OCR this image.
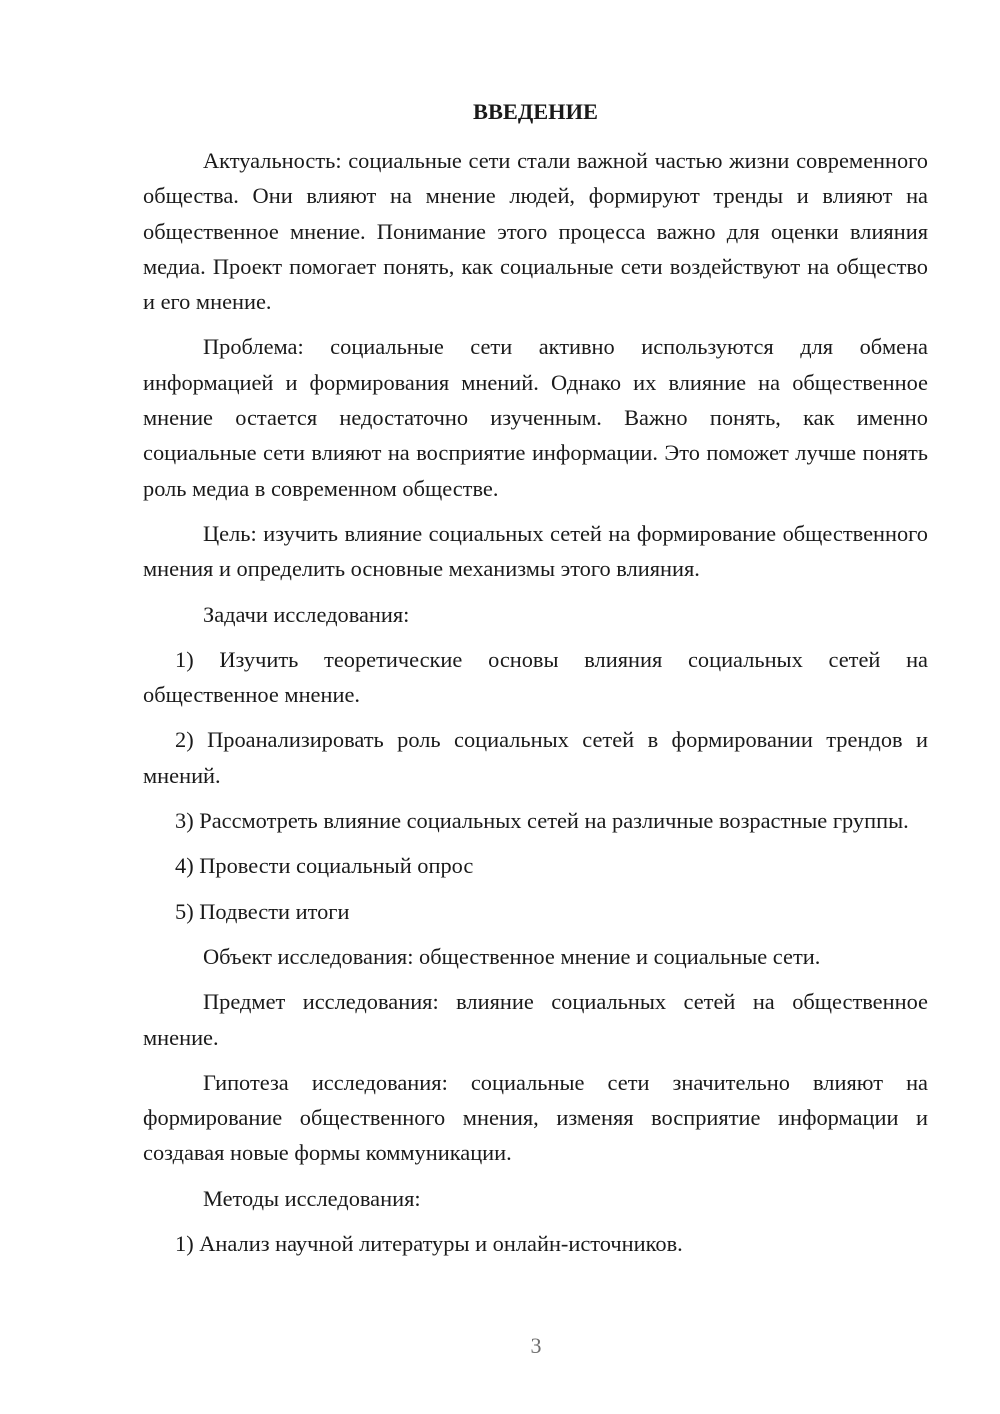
ВВЕДЕНИЕ

Актуальность: социальные сети стали важной частью жизни современного общества. Они влияют на мнение людей, формируют тренды и влияют на общественное мнение. Понимание этого процесса важно для оценки влияния медиа. Проект помогает понять, как социальные сети воздействуют на общество и его мнение.

Проблема: социальные сети активно используются для обмена информацией и формирования мнений. Однако их влияние на общественное мнение остается недостаточно изученным. Важно понять, как именно социальные сети влияют на восприятие информации. Это поможет лучше понять роль медиа в современном обществе.

Цель: изучить влияние социальных сетей на формирование общественного мнения и определить основные механизмы этого влияния.

Задачи исследования:

1) Изучить теоретические основы влияния социальных сетей на общественное мнение.

2) Проанализировать роль социальных сетей в формировании трендов и мнений.

3) Рассмотреть влияние социальных сетей на различные возрастные группы.

4) Провести социальный опрос

5) Подвести итоги

Объект исследования: общественное мнение и социальные сети.

Предмет исследования: влияние социальных сетей на общественное мнение.

Гипотеза исследования: социальные сети значительно влияют на формирование общественного мнения, изменяя восприятие информации и создавая новые формы коммуникации.

Методы исследования:

1) Анализ научной литературы и онлайн-источников.

3
